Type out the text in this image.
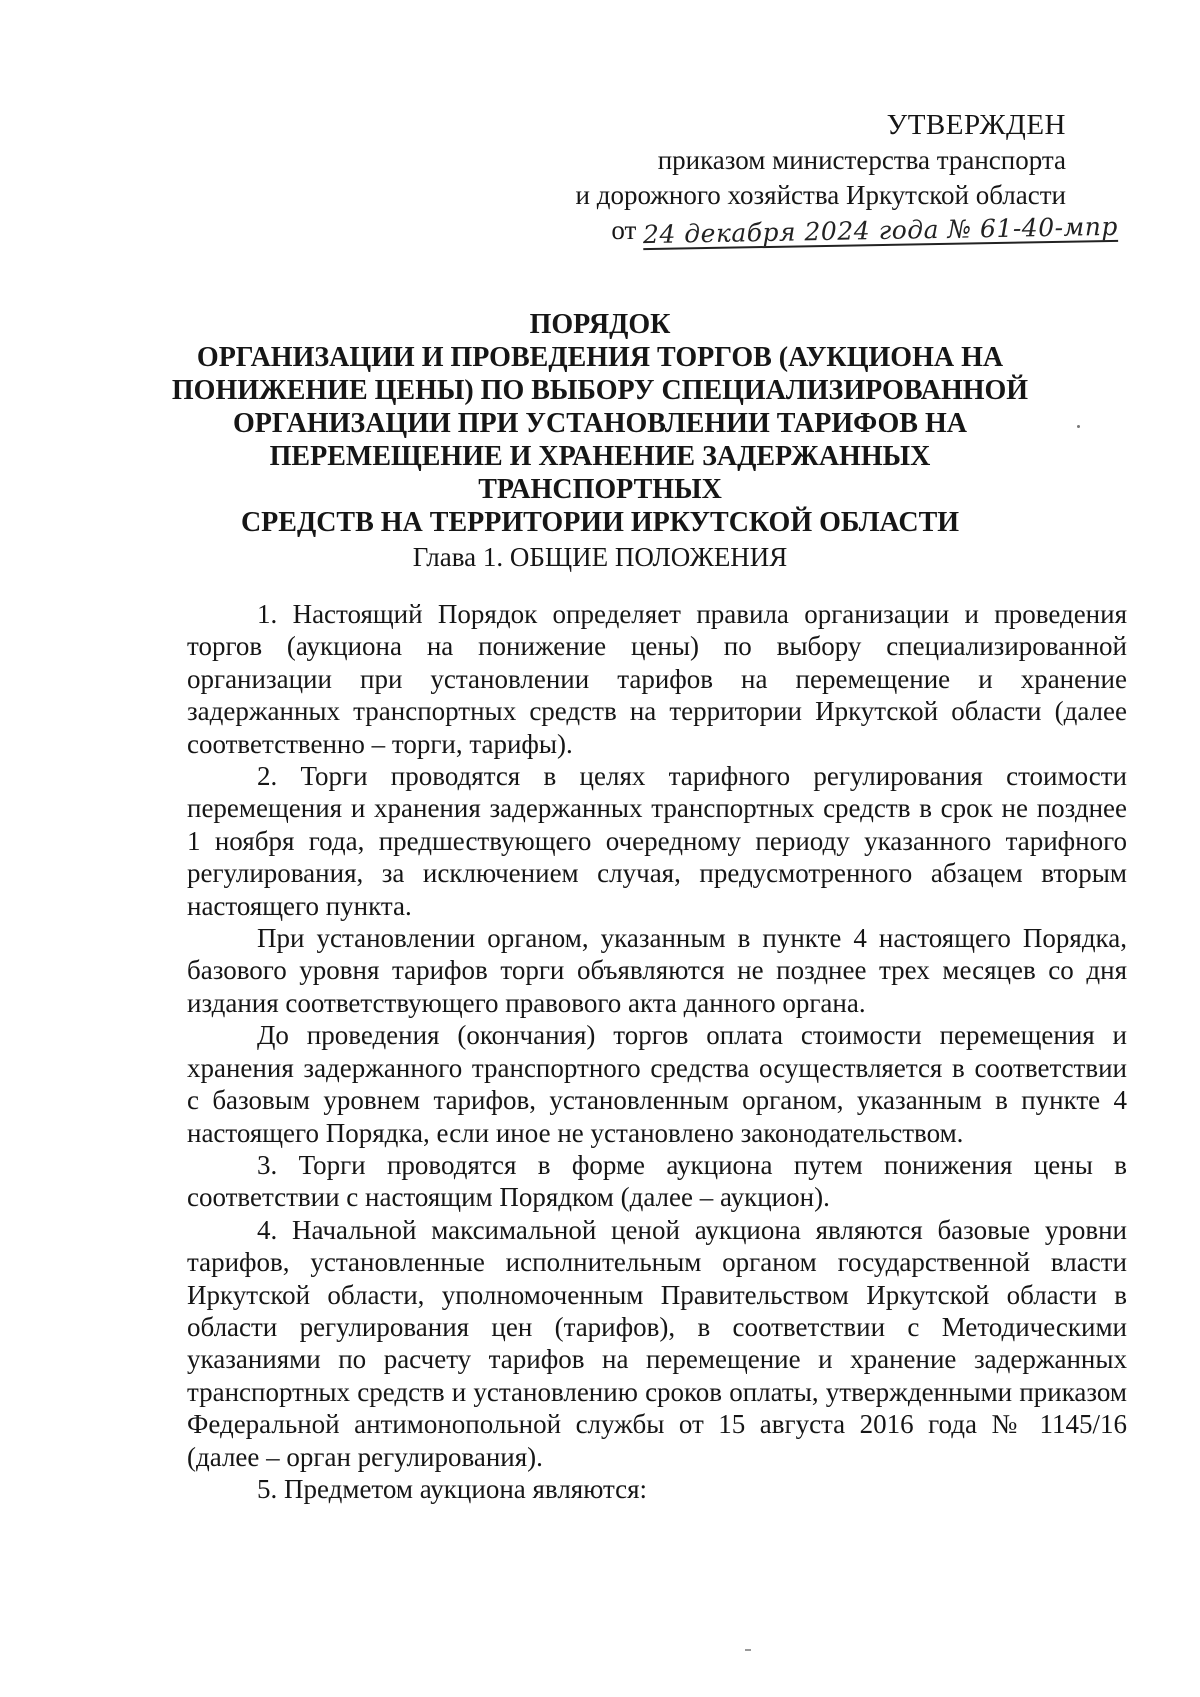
УТВЕРЖДЕН
приказом министерства транспорта
и дорожного хозяйства Иркутской области
от 24 декабря 2024 года № 61-40-мпр
ПОРЯДОК
ОРГАНИЗАЦИИ И ПРОВЕДЕНИЯ ТОРГОВ (АУКЦИОНА НА
ПОНИЖЕНИЕ ЦЕНЫ) ПО ВЫБОРУ СПЕЦИАЛИЗИРОВАННОЙ
ОРГАНИЗАЦИИ ПРИ УСТАНОВЛЕНИИ ТАРИФОВ НА
ПЕРЕМЕЩЕНИЕ И ХРАНЕНИЕ ЗАДЕРЖАННЫХ ТРАНСПОРТНЫХ
СРЕДСТВ НА ТЕРРИТОРИИ ИРКУТСКОЙ ОБЛАСТИ
Глава 1. ОБЩИЕ ПОЛОЖЕНИЯ

1. Настоящий Порядок определяет правила организации и проведения торгов (аукциона на понижение цены) по выбору специализированной организации при установлении тарифов на перемещение и хранение задержанных транспортных средств на территории Иркутской области (далее соответственно – торги, тарифы).

2. Торги проводятся в целях тарифного регулирования стоимости перемещения и хранения задержанных транспортных средств в срок не позднее 1 ноября года, предшествующего очередному периоду указанного тарифного регулирования, за исключением случая, предусмотренного абзацем вторым настоящего пункта.

При установлении органом, указанным в пункте 4 настоящего Порядка, базового уровня тарифов торги объявляются не позднее трех месяцев со дня издания соответствующего правового акта данного органа.

До проведения (окончания) торгов оплата стоимости перемещения и хранения задержанного транспортного средства осуществляется в соответствии с базовым уровнем тарифов, установленным органом, указанным в пункте 4 настоящего Порядка, если иное не установлено законодательством.

3. Торги проводятся в форме аукциона путем понижения цены в соответствии с настоящим Порядком (далее – аукцион).

4. Начальной максимальной ценой аукциона являются базовые уровни тарифов, установленные исполнительным органом государственной власти Иркутской области, уполномоченным Правительством Иркутской области в области регулирования цен (тарифов), в соответствии с Методическими указаниями по расчету тарифов на перемещение и хранение задержанных транспортных средств и установлению сроков оплаты, утвержденными приказом Федеральной антимонопольной службы от 15 августа 2016 года № 1145/16 (далее – орган регулирования).

5. Предметом аукциона являются:
